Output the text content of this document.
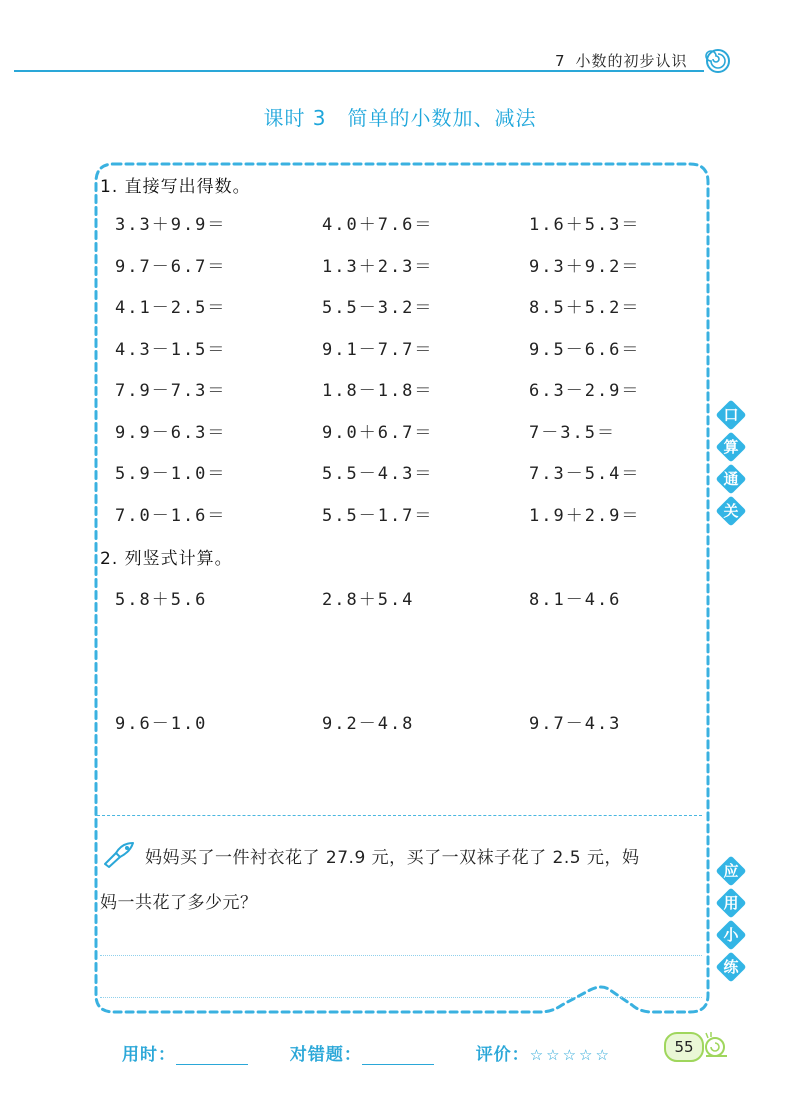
7 小数的初步认识
课时 3　简单的小数加、减法
1. 直接写出得数。
3.3＋9.9＝	4.0＋7.6＝	1.6＋5.3＝
9.7－6.7＝	1.3＋2.3＝	9.3＋9.2＝
4.1－2.5＝	5.5－3.2＝	8.5＋5.2＝
4.3－1.5＝	9.1－7.7＝	9.5－6.6＝
7.9－7.3＝	1.8－1.8＝	6.3－2.9＝
9.9－6.3＝	9.0＋6.7＝	7－3.5＝
5.9－1.0＝	5.5－4.3＝	7.3－5.4＝
7.0－1.6＝	5.5－1.7＝	1.9＋2.9＝
2. 列竖式计算。
5.8＋5.6	2.8＋5.4	8.1－4.6
9.6－1.0	9.2－4.8	9.7－4.3
妈妈买了一件衬衣花了 27.9 元，买了一双袜子花了 2.5 元，妈
妈一共花了多少元？
口
算
通
关
应
用
小
练
用时：	对错题：	评价：☆☆☆☆☆	55
